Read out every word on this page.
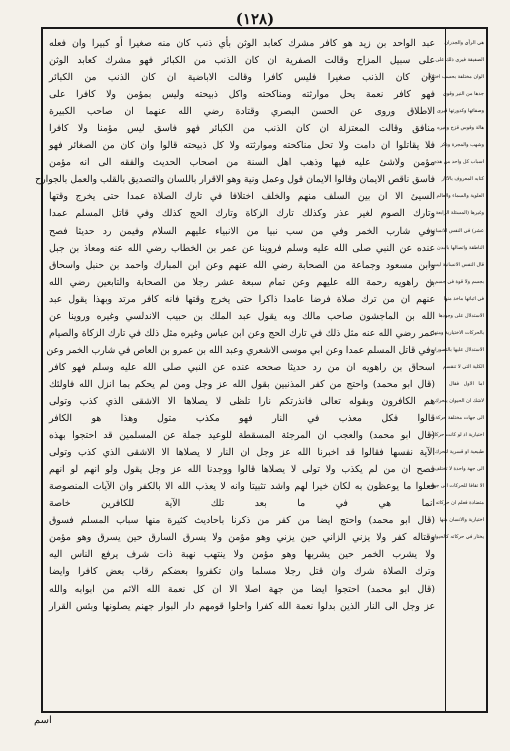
(١٢٨)
عبد الواحد بن زيد هو كافر مشرك كعابد الوثن بأي ذنب كان منه صغيرا أو كبيرا وان فعله
على سبيل المزاح وقالت الصفرية ان كان الذنب من الكبائر فهو مشرك كعابد الوثن
وان كان الذنب صغيرا فليس كافرا وقالت الاباضية ان كان الذنب من الكبائر
فهو كافر نعمة يحل موارثته ومناكحته واكل ذبيحته وليس بمؤمن ولا كافرا على
الاطلاق وروى عن الحسن البصري وقتادة رضي الله عنهما ان صاحب الكبيرة
منافق وقالت المعتزلة ان كان الذنب من الكبائر فهو فاسق ليس مؤمنا ولا كافرا
فلا يقاتلوا ان دامت ولا تحل مناكحته وموارثته ولا كل ذبيحته قالوا وان كان من الصغائر فهو
مؤمن ولاشئ عليه فيها وذهب اهل السنة من اصحاب الحديث والفقه الى انه مؤمن
فاسق ناقص الايمان وقالوا الايمان قول وعمل ونية وهو الاقرار باللسان والتصديق بالقلب والعمل بالجوارح
السيئ الا ان بين السلف منهم والخلف اختلافا في تارك الصلاة عمدا حتى يخرج وقتها
وتارك الصوم لغير عذر وكذلك تارك الزكاة وتارك الحج كذلك وفي قاتل المسلم عمدا
وفي شارب الخمر وفي من سب نبيا من الانبياء عليهم السلام وفيمن رد حديثا فصح
عنده عن النبي صلى الله عليه وسلم فروينا عن عمر بن الخطاب رضي الله عنه ومعاذ بن جبل
وابن مسعود وجماعة من الصحابة رضي الله عنهم وعن ابن المبارك واحمد بن حنبل واسحاق
بن راهويه رحمة الله عليهم وعن تمام سبعة عشر رجلا من الصحابة والتابعين رضي الله
عنهم ان من ترك صلاة فرضا عامدا ذاكرا حتى يخرج وقتها فانه كافر مرتد وبهذا يقول عبد
الله بن الماجشون صاحب مالك وبه يقول عبد الملك بن حبيب الاندلسي وغيره وروينا عن
عمر رضي الله عنه مثل ذلك في تارك الحج وعن ابن عباس وغيره مثل ذلك في تارك الزكاة والصيام
وفي قاتل المسلم عمدا وعن ابي موسى الاشعري وعبد الله بن عمرو بن العاص في شارب الخمر وعن
اسحاق بن راهويه ان من رد حديثا صححه عنده عن النبي صلى الله عليه وسلم فهو كافر
(قال ابو محمد) واحتج من كفر المذنبين بقول الله عز وجل ومن لم يحكم بما انزل الله فاولئك
هم الكافرون وبقوله تعالى فانذرتكم نارا تلظى لا يصلاها الا الاشقى الذي كذب وتولى
قالوا فكل معذب في النار فهو مكذب متول وهذا هو الكافر
(قال ابو محمد) والعجب ان المرجئة المسقطة للوعيد جملة عن المسلمين قد احتجوا بهذه
الآية نفسها فقالوا قد اخبرنا الله عز وجل ان النار لا يصلاها الا الاشقى الذي كذب وتولى
فصح ان من لم يكذب ولا تولى لا يصلاها قالوا ووجدنا الله عز وجل يقول ولو انهم لو انهم
فعلوا ما يوعظون به لكان خيرا لهم واشد تثبيتا وانه لا يعذب الله الا بالكفر وان الآيات المنصوصة
انما هي في ما بعد تلك الآية للكافرين خاصة
(قال ابو محمد) واحتج ايضا من كفر من ذكرنا باحاديث كثيرة منها سباب المسلم فسوق
وقتاله كفر ولا يزني الزاني حين يزني وهو مؤمن ولا يسرق السارق حين يسرق وهو مؤمن
ولا يشرب الخمر حين يشربها وهو مؤمن ولا ينتهب نهبة ذات شرف يرفع الناس اليه
وترك الصلاة شرك وان قتل رجلا مسلما وان تكفروا بعضكم رقاب بعض كافرا وايضا
(قال ابو محمد) احتجوا ايضا من جهة اصلا الا ان كل نعمة الله الاثم من ابوابه والله
عز وجل الى النار الذين بدلوا نعمة الله كفرا واحلوا قومهم دار البوار جهنم يصلونها وبئس القرار
هي الرأي والجدران
الصفيقة فيرى ذلك على
الوان مختلفة بحسب اختلاف
جدها من النير وقوي
وصفائها وكدورتها فيرى
هالة وقوس قزح وغيره
وشهب والمجرة وذكر
اسباب كل واحد من هذه
كتابه المعروف بالآثار
العلوية والسماء والعالم
وغيرها (المسئلة الرابعة
عشر) في النفس الانسانية
الناطقة واتصالها بالبدن
قال النفس الانسانية ليست
بجسم ولا قوة في جسم وله
في اثباتها ماخذ منها
الاستدلال على وجودها
بالحركات الاختيارية ومنها
الاستدلال عليها بالتصورات
الكلية التي لا تنقسم
اما الاول فقال
لاشك ان الحيوان يتحرك
الى جهات مختلفة حركة
اختيارية اذ لو كانت حركاته
طبيعية او قسرية لتحرك
الى جهة واحدة لا تختلف
الا تقافا للحركات الى جهات
متضادة فعلم ان حركاته
اختيارية والانسان منها
يختار في حركاته كالحيوان
اسم
